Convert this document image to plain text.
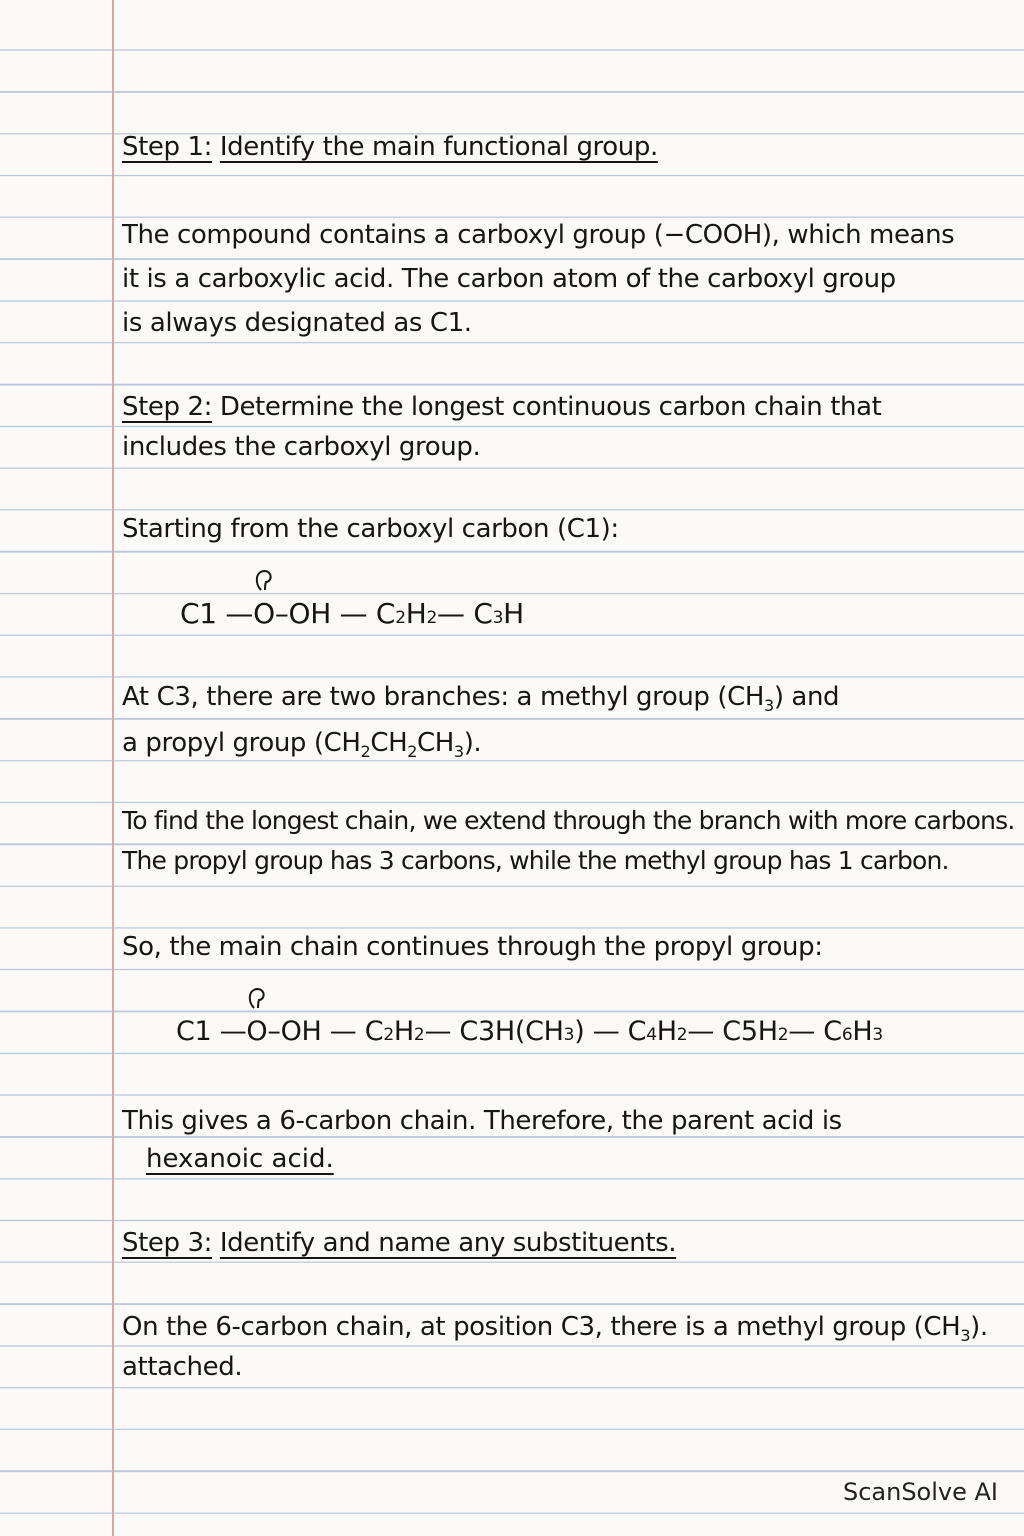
Step 1:
Identify the main functional group.

The compound contains a carboxyl group (−COOH), which means

it is a carboxylic acid. The carbon atom of the carboxyl group

is always designated as C1.

Step 2:
Determine the longest continuous carbon chain that

includes the carboxyl group.

Starting from the carboxyl carbon (C1):

C1 — O –OH — C 2 H 2 — C 3 H

At C3, there are two branches: a methyl group $(CH_3)$ and

a propyl group $(CH_2CH_2CH_3)$.

To find the longest chain, we extend through the branch with more carbons.

The propyl group has 3 carbons, while the methyl group has 1 carbon.

So, the main chain continues through the propyl group:

C1 — O –OH — C 2 H 2 — C3H(CH 3 ) — C 4 H 2 — C5H 2 — C 6 H 3

This gives a 6-carbon chain. Therefore, the parent acid is

hexanoic acid.
Step 3:
Identify and name any substituents.

On the 6-carbon chain, at position C3, there is a methyl group $(CH_3)$.

attached.

ScanSolve AI
